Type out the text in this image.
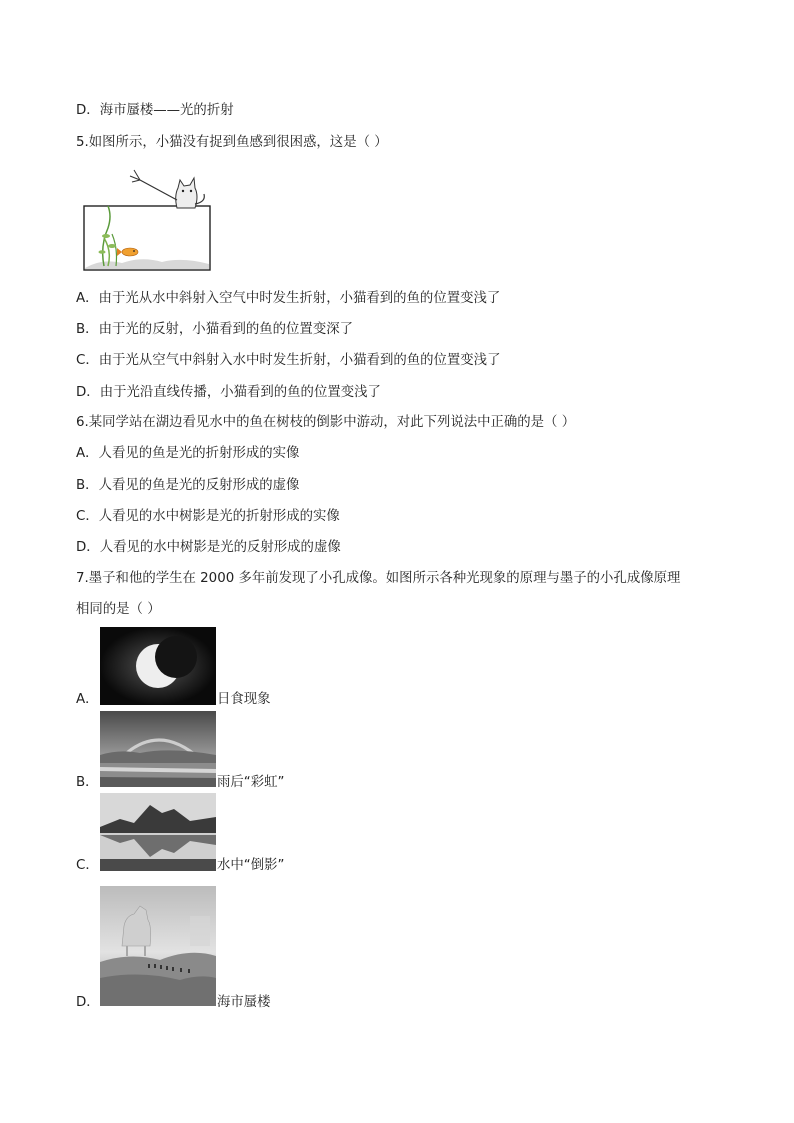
D．海市蜃楼——光的折射
5.如图所示，小猫没有捉到鱼感到很困惑，这是（ ）
A．由于光从水中斜射入空气中时发生折射，小猫看到的鱼的位置变浅了
B．由于光的反射，小猫看到的鱼的位置变深了
C．由于光从空气中斜射入水中时发生折射，小猫看到的鱼的位置变浅了
D．由于光沿直线传播，小猫看到的鱼的位置变浅了
6.某同学站在湖边看见水中的鱼在树枝的倒影中游动，对此下列说法中正确的是（ ）
A．人看见的鱼是光的折射形成的实像
B．人看见的鱼是光的反射形成的虚像
C．人看见的水中树影是光的折射形成的实像
D．人看见的水中树影是光的反射形成的虚像
7.墨子和他的学生在 2000 多年前发现了小孔成像。如图所示各种光现象的原理与墨子的小孔成像原理
相同的是（ ）
A．	日食现象
B．	雨后“彩虹”
C．	水中“倒影”
D．	海市蜃楼
